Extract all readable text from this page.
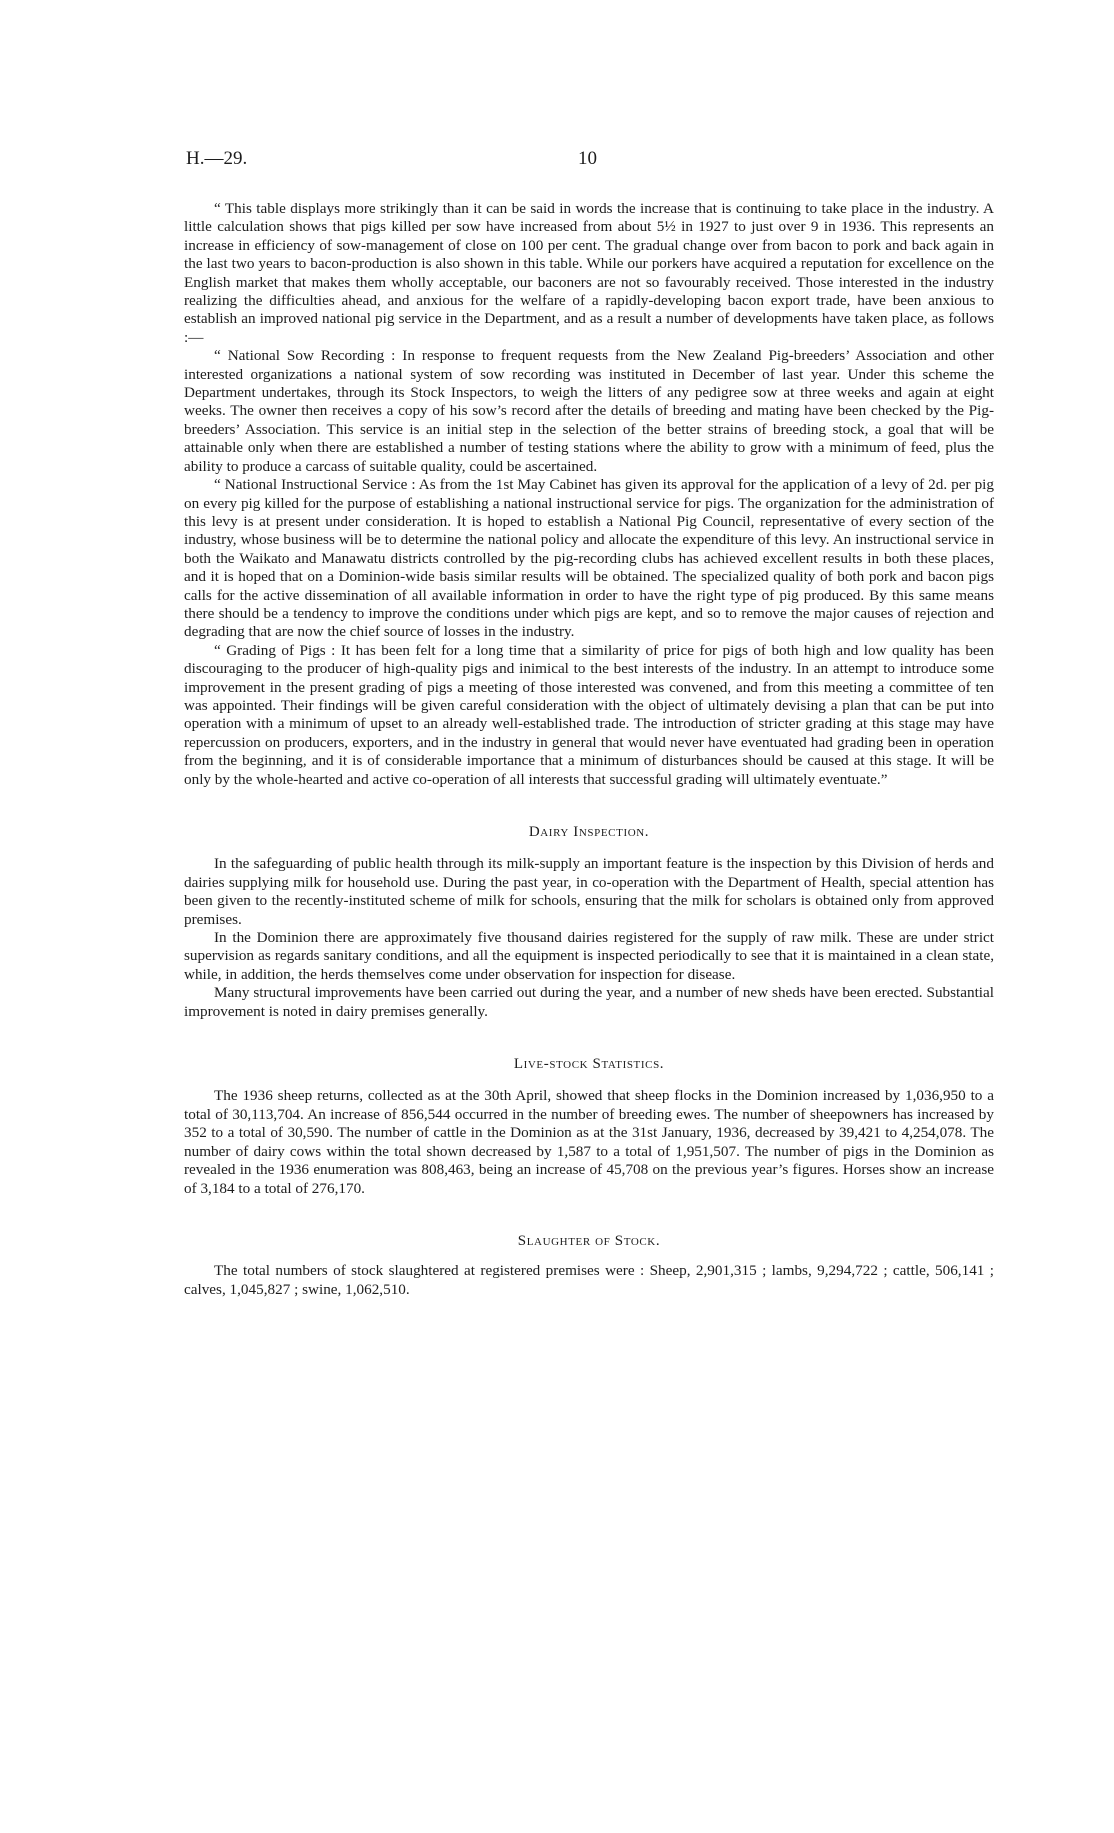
H.—29.	10

“ This table displays more strikingly than it can be said in words the increase that is continuing to take place in the industry. A little calculation shows that pigs killed per sow have increased from about 5½ in 1927 to just over 9 in 1936. This represents an increase in efficiency of sow-management of close on 100 per cent. The gradual change over from bacon to pork and back again in the last two years to bacon-production is also shown in this table. While our porkers have acquired a reputation for excellence on the English market that makes them wholly acceptable, our baconers are not so favourably received. Those interested in the industry realizing the difficulties ahead, and anxious for the welfare of a rapidly-developing bacon export trade, have been anxious to establish an improved national pig service in the Department, and as a result a number of developments have taken place, as follows :—

“ National Sow Recording : In response to frequent requests from the New Zealand Pig-breeders’ Association and other interested organizations a national system of sow recording was instituted in December of last year. Under this scheme the Department undertakes, through its Stock Inspectors, to weigh the litters of any pedigree sow at three weeks and again at eight weeks. The owner then receives a copy of his sow’s record after the details of breeding and mating have been checked by the Pig-breeders’ Association. This service is an initial step in the selection of the better strains of breeding stock, a goal that will be attainable only when there are established a number of testing stations where the ability to grow with a minimum of feed, plus the ability to produce a carcass of suitable quality, could be ascertained.

“ National Instructional Service : As from the 1st May Cabinet has given its approval for the application of a levy of 2d. per pig on every pig killed for the purpose of establishing a national instructional service for pigs. The organization for the administration of this levy is at present under consideration. It is hoped to establish a National Pig Council, representative of every section of the industry, whose business will be to determine the national policy and allocate the expenditure of this levy. An instructional service in both the Waikato and Manawatu districts controlled by the pig-recording clubs has achieved excellent results in both these places, and it is hoped that on a Dominion-wide basis similar results will be obtained. The specialized quality of both pork and bacon pigs calls for the active dissemination of all available information in order to have the right type of pig produced. By this same means there should be a tendency to improve the conditions under which pigs are kept, and so to remove the major causes of rejection and degrading that are now the chief source of losses in the industry.

“ Grading of Pigs : It has been felt for a long time that a similarity of price for pigs of both high and low quality has been discouraging to the producer of high-quality pigs and inimical to the best interests of the industry. In an attempt to introduce some improvement in the present grading of pigs a meeting of those interested was convened, and from this meeting a committee of ten was appointed. Their findings will be given careful consideration with the object of ultimately devising a plan that can be put into operation with a minimum of upset to an already well-established trade. The introduction of stricter grading at this stage may have repercussion on producers, exporters, and in the industry in general that would never have eventuated had grading been in operation from the beginning, and it is of considerable importance that a minimum of disturbances should be caused at this stage. It will be only by the whole-hearted and active co-operation of all interests that successful grading will ultimately eventuate.”

Dairy Inspection.

In the safeguarding of public health through its milk-supply an important feature is the inspection by this Division of herds and dairies supplying milk for household use. During the past year, in co-operation with the Department of Health, special attention has been given to the recently-instituted scheme of milk for schools, ensuring that the milk for scholars is obtained only from approved premises.

In the Dominion there are approximately five thousand dairies registered for the supply of raw milk. These are under strict supervision as regards sanitary conditions, and all the equipment is inspected periodically to see that it is maintained in a clean state, while, in addition, the herds themselves come under observation for inspection for disease.

Many structural improvements have been carried out during the year, and a number of new sheds have been erected. Substantial improvement is noted in dairy premises generally.

Live-stock Statistics.

The 1936 sheep returns, collected as at the 30th April, showed that sheep flocks in the Dominion increased by 1,036,950 to a total of 30,113,704. An increase of 856,544 occurred in the number of breeding ewes. The number of sheepowners has increased by 352 to a total of 30,590. The number of cattle in the Dominion as at the 31st January, 1936, decreased by 39,421 to 4,254,078. The number of dairy cows within the total shown decreased by 1,587 to a total of 1,951,507. The number of pigs in the Dominion as revealed in the 1936 enumeration was 808,463, being an increase of 45,708 on the previous year’s figures. Horses show an increase of 3,184 to a total of 276,170.

Slaughter of Stock.

The total numbers of stock slaughtered at registered premises were : Sheep, 2,901,315 ; lambs, 9,294,722 ; cattle, 506,141 ; calves, 1,045,827 ; swine, 1,062,510.
